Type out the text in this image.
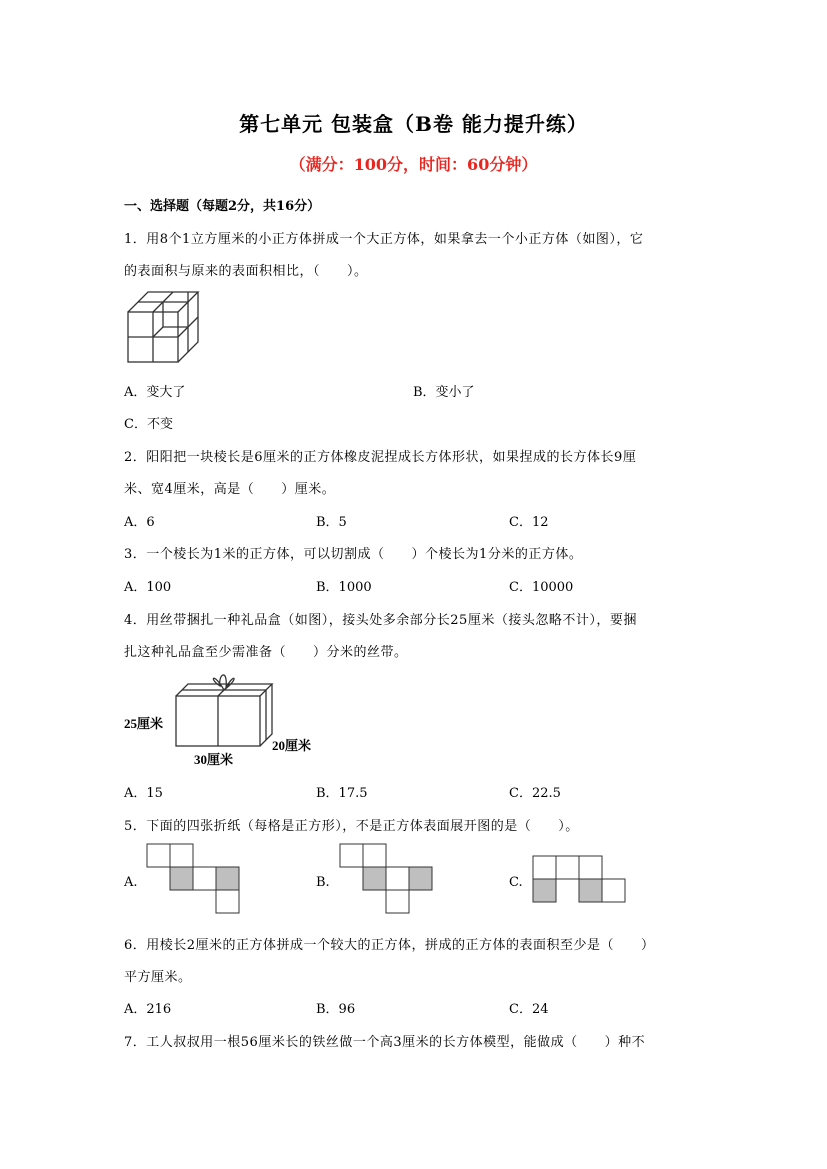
第七单元 包装盒（B卷 能力提升练）
（满分：100分，时间：60分钟）
一、选择题（每题2分，共16分）
1．用8个1立方厘米的小正方体拼成一个大正方体，如果拿去一个小正方体（如图），它
的表面积与原来的表面积相比，（　　）。
A．变大了	B．变小了
C．不变
2．阳阳把一块棱长是6厘米的正方体橡皮泥捏成长方体形状，如果捏成的长方体长9厘
米、宽4厘米，高是（　　）厘米。
A．6	B．5	C．12
3．一个棱长为1米的正方体，可以切割成（　　）个棱长为1分米的正方体。
A．100	B．1000	C．10000
4．用丝带捆扎一种礼品盒（如图），接头处多余部分长25厘米（接头忽略不计），要捆
扎这种礼品盒至少需准备（　　）分米的丝带。
25厘米
30厘米
20厘米
A．15	B．17.5	C．22.5
5．下面的四张折纸（每格是正方形），不是正方体表面展开图的是（　　）。
A.	B.	C.
6．用棱长2厘米的正方体拼成一个较大的正方体，拼成的正方体的表面积至少是（　　）
平方厘米。
A．216	B．96	C．24
7．工人叔叔用一根56厘米长的铁丝做一个高3厘米的长方体模型，能做成（　　）种不
